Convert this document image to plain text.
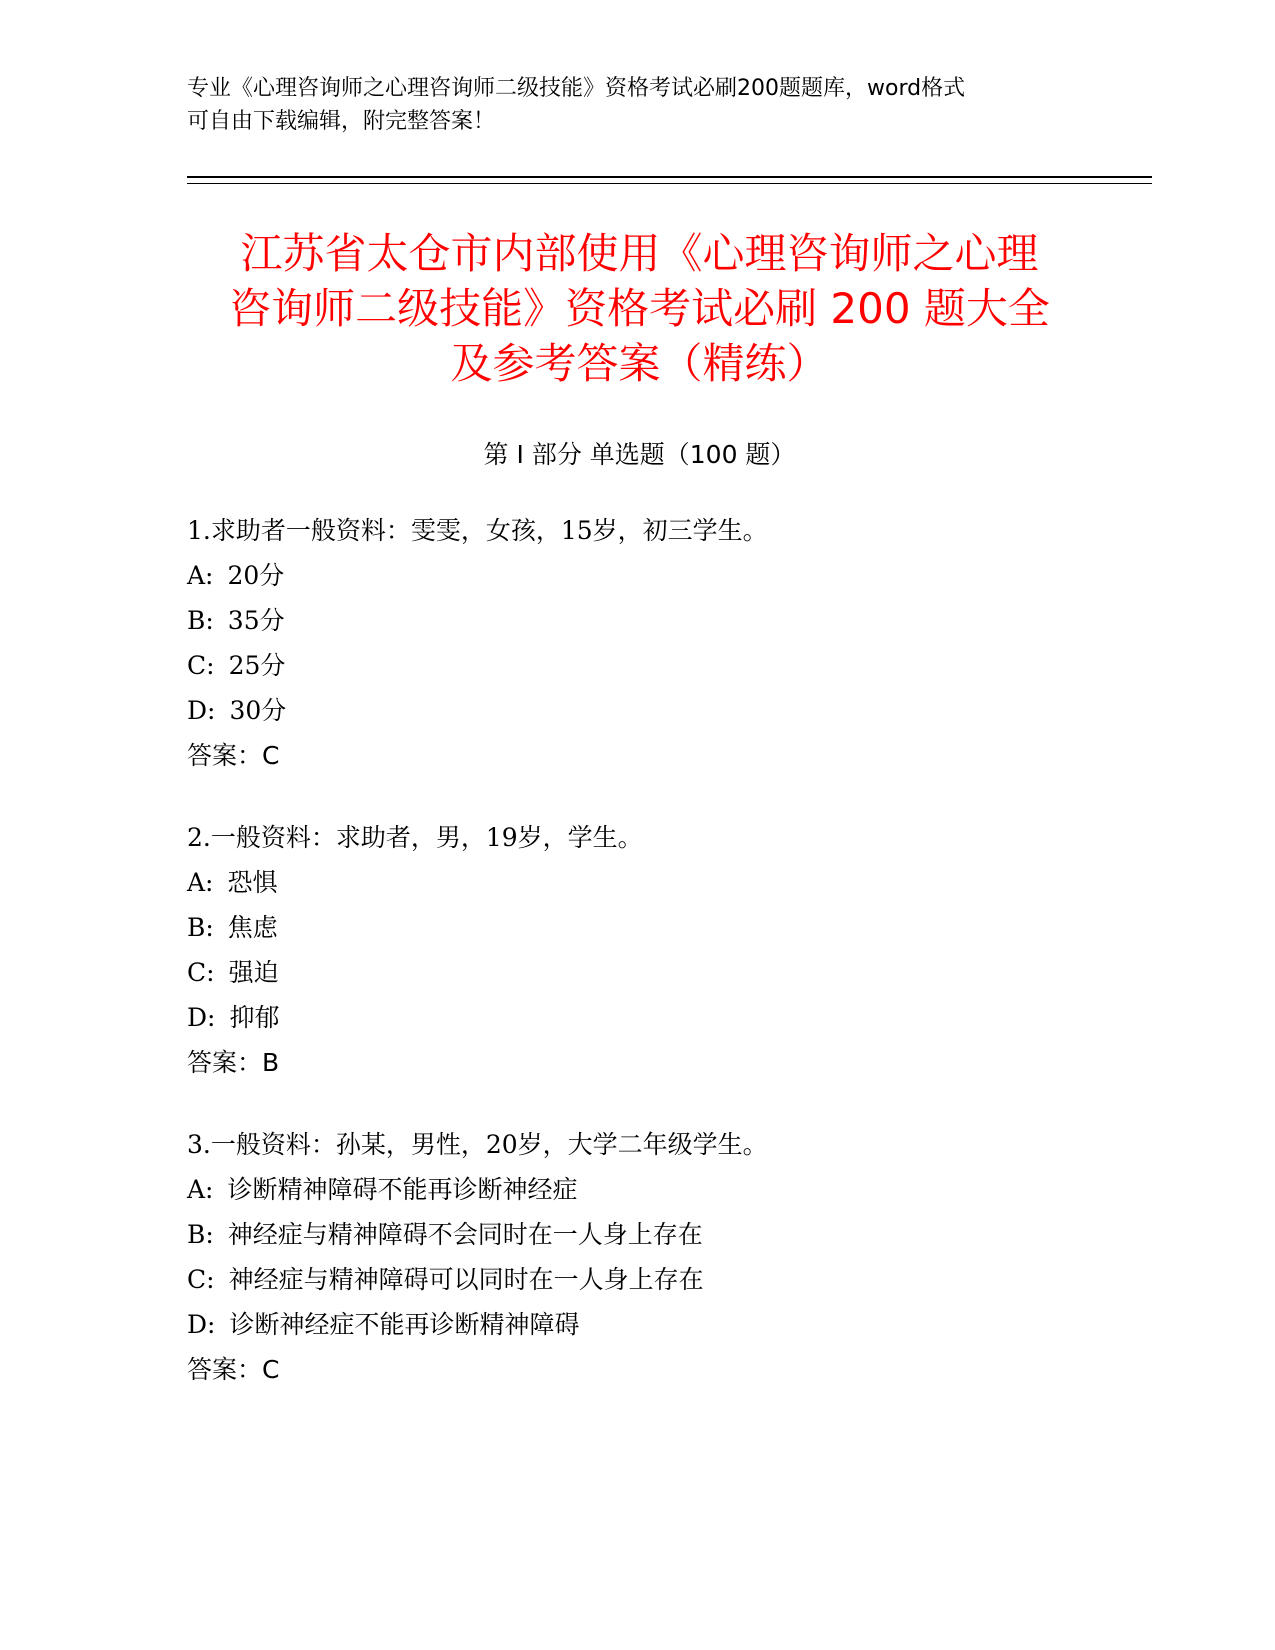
专业《心理咨询师之心理咨询师二级技能》资格考试必刷200题题库，word格式
可自由下载编辑，附完整答案！
江苏省太仓市内部使用《心理咨询师之心理
咨询师二级技能》资格考试必刷 200 题大全
及参考答案（精练）
第 I 部分 单选题（100 题）
1.求助者一般资料：雯雯，女孩，15岁，初三学生。
A: 20分
B: 35分
C: 25分
D: 30分
答案：C
2.一般资料：求助者，男，19岁，学生。
A: 恐惧
B: 焦虑
C: 强迫
D: 抑郁
答案：B
3.一般资料：孙某，男性，20岁，大学二年级学生。
A: 诊断精神障碍不能再诊断神经症
B: 神经症与精神障碍不会同时在一人身上存在
C: 神经症与精神障碍可以同时在一人身上存在
D: 诊断神经症不能再诊断精神障碍
答案：C
